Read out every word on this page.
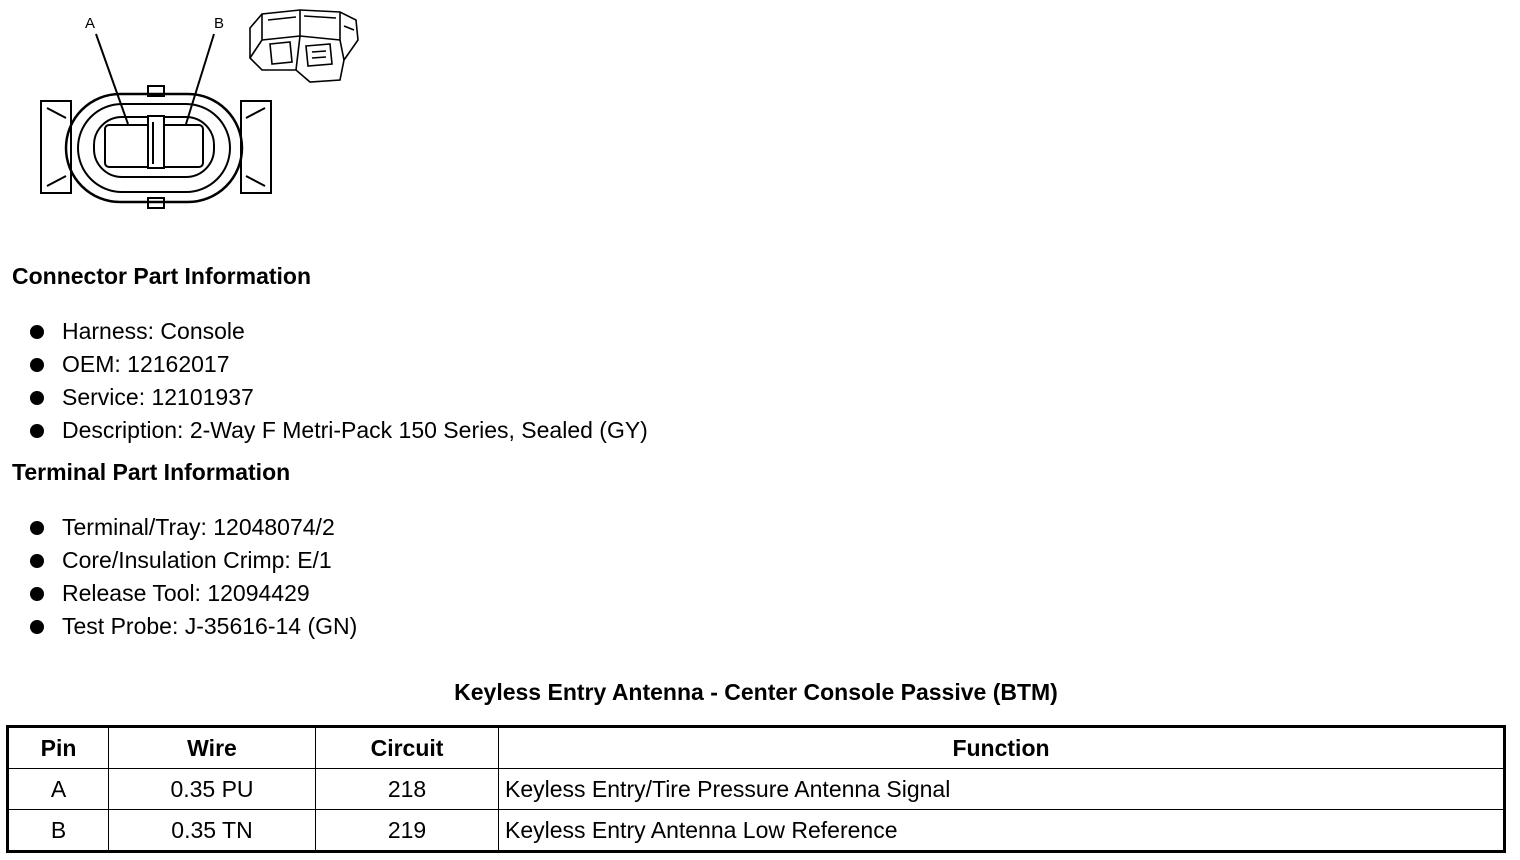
A	B
Connector Part Information
Harness: Console
OEM: 12162017
Service: 12101937
Description: 2-Way F Metri-Pack 150 Series, Sealed (GY)
Terminal Part Information
Terminal/Tray: 12048074/2
Core/Insulation Crimp: E/1
Release Tool: 12094429
Test Probe: J-35616-14 (GN)
Keyless Entry Antenna - Center Console Passive (BTM)
Pin	Wire	Circuit	Function
A	0.35 PU	218	Keyless Entry/Tire Pressure Antenna Signal
B	0.35 TN	219	Keyless Entry Antenna Low Reference
